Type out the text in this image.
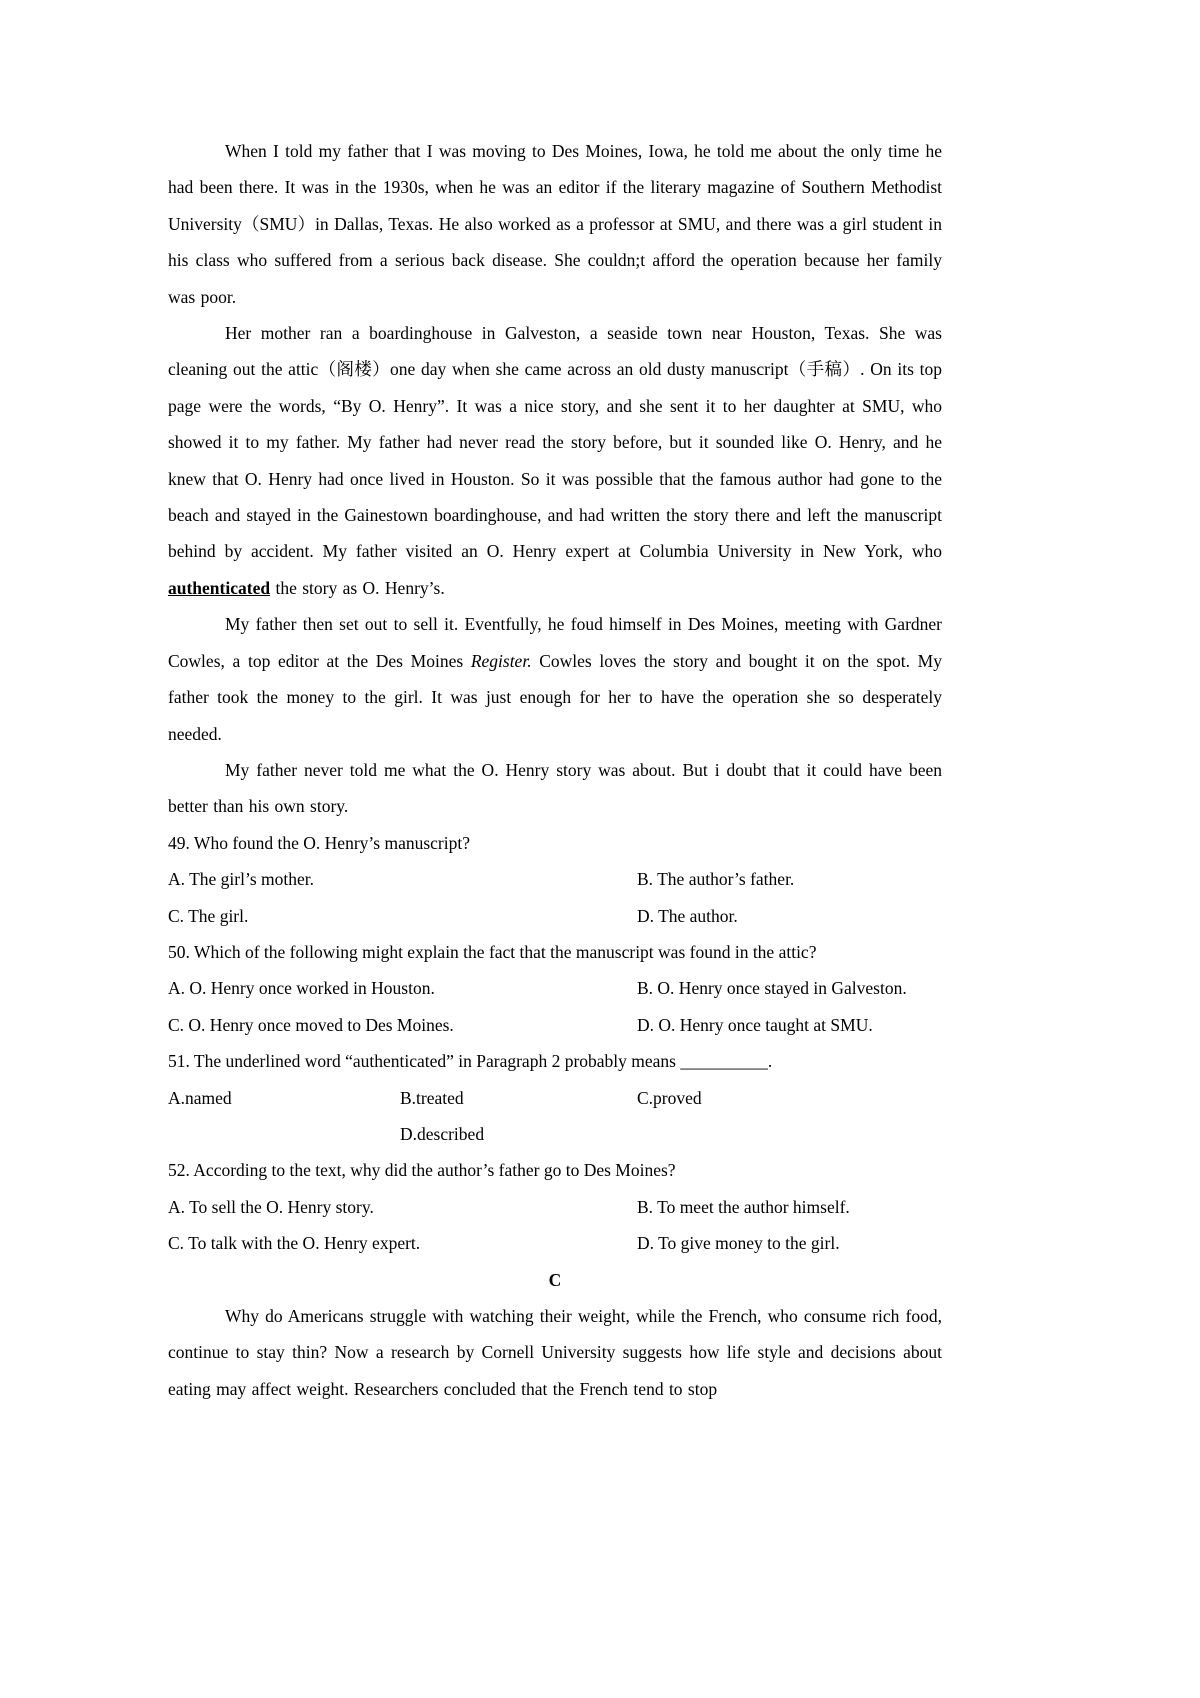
When I told my father that I was moving to Des Moines, Iowa, he told me about the only time he had been there. It was in the 1930s, when he was an editor if the literary magazine of Southern Methodist University（SMU）in Dallas, Texas. He also worked as a professor at SMU, and there was a girl student in his class who suffered from a serious back disease. She couldn;t afford the operation because her family was poor.

Her mother ran a boardinghouse in Galveston, a seaside town near Houston, Texas. She was cleaning out the attic（阁楼）one day when she came across an old dusty manuscript（手稿）. On its top page were the words, “By O. Henry”. It was a nice story, and she sent it to her daughter at SMU, who showed it to my father. My father had never read the story before, but it sounded like O. Henry, and he knew that O. Henry had once lived in Houston. So it was possible that the famous author had gone to the beach and stayed in the Gainestown boardinghouse, and had written the story there and left the manuscript behind by accident. My father visited an O. Henry expert at Columbia University in New York, who authenticated the story as O. Henry’s.

My father then set out to sell it. Eventfully, he foud himself in Des Moines, meeting with Gardner Cowles, a top editor at the Des Moines Register. Cowles loves the story and bought it on the spot. My father took the money to the girl. It was just enough for her to have the operation she so desperately needed.

My father never told me what the O. Henry story was about. But i doubt that it could have been better than his own story.

49. Who found the O. Henry’s manuscript?

A. The girl’s mother.	B. The author’s father.
C. The girl.	D. The author.

50. Which of the following might explain the fact that the manuscript was found in the attic?

A. O. Henry once worked in Houston.	B. O. Henry once stayed in Galveston.
C. O. Henry once moved to Des Moines.	D. O. Henry once taught at SMU.

51. The underlined word “authenticated” in Paragraph 2 probably means __________.

A.named	B.treated	C.proved
D.described

52. According to the text, why did the author’s father go to Des Moines?

A. To sell the O. Henry story.	B. To meet the author himself.
C. To talk with the O. Henry expert.	D. To give money to the girl.

C

Why do Americans struggle with watching their weight, while the French, who consume rich food, continue to stay thin? Now a research by Cornell University suggests how life style and decisions about eating may affect weight. Researchers concluded that the French tend to stop
